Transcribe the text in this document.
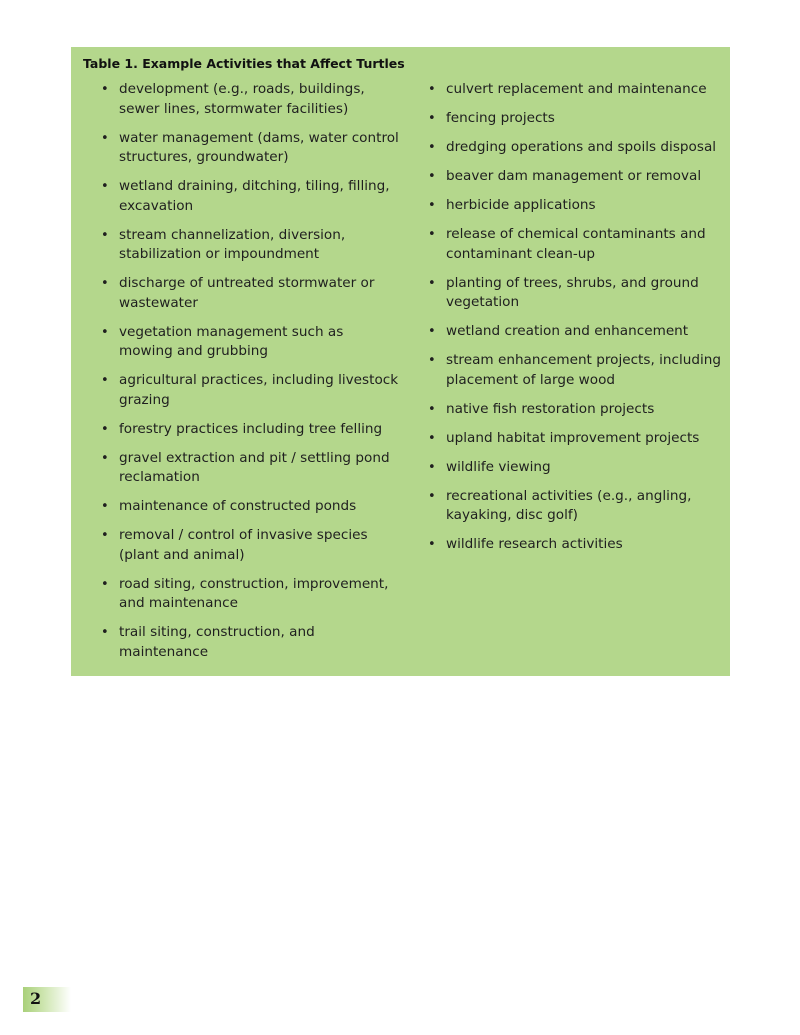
Table 1. Example Activities that Affect Turtles
• development (e.g., roads, buildings, sewer lines, stormwater facilities)
• water management (dams, water control structures, groundwater)
• wetland draining, ditching, tiling, filling, excavation
• stream channelization, diversion, stabilization or impoundment
• discharge of untreated stormwater or wastewater
• vegetation management such as mowing and grubbing
• agricultural practices, including livestock grazing
• forestry practices including tree felling
• gravel extraction and pit / settling pond reclamation
• maintenance of constructed ponds
• removal / control of invasive species (plant and animal)
• road siting, construction, improvement, and maintenance
• trail siting, construction, and maintenance
• culvert replacement and maintenance
• fencing projects
• dredging operations and spoils disposal
• beaver dam management or removal
• herbicide applications
• release of chemical contaminants and contaminant clean-up
• planting of trees, shrubs, and ground vegetation
• wetland creation and enhancement
• stream enhancement projects, including placement of large wood
• native fish restoration projects
• upland habitat improvement projects
• wildlife viewing
• recreational activities (e.g., angling, kayaking, disc golf)
• wildlife research activities
2
